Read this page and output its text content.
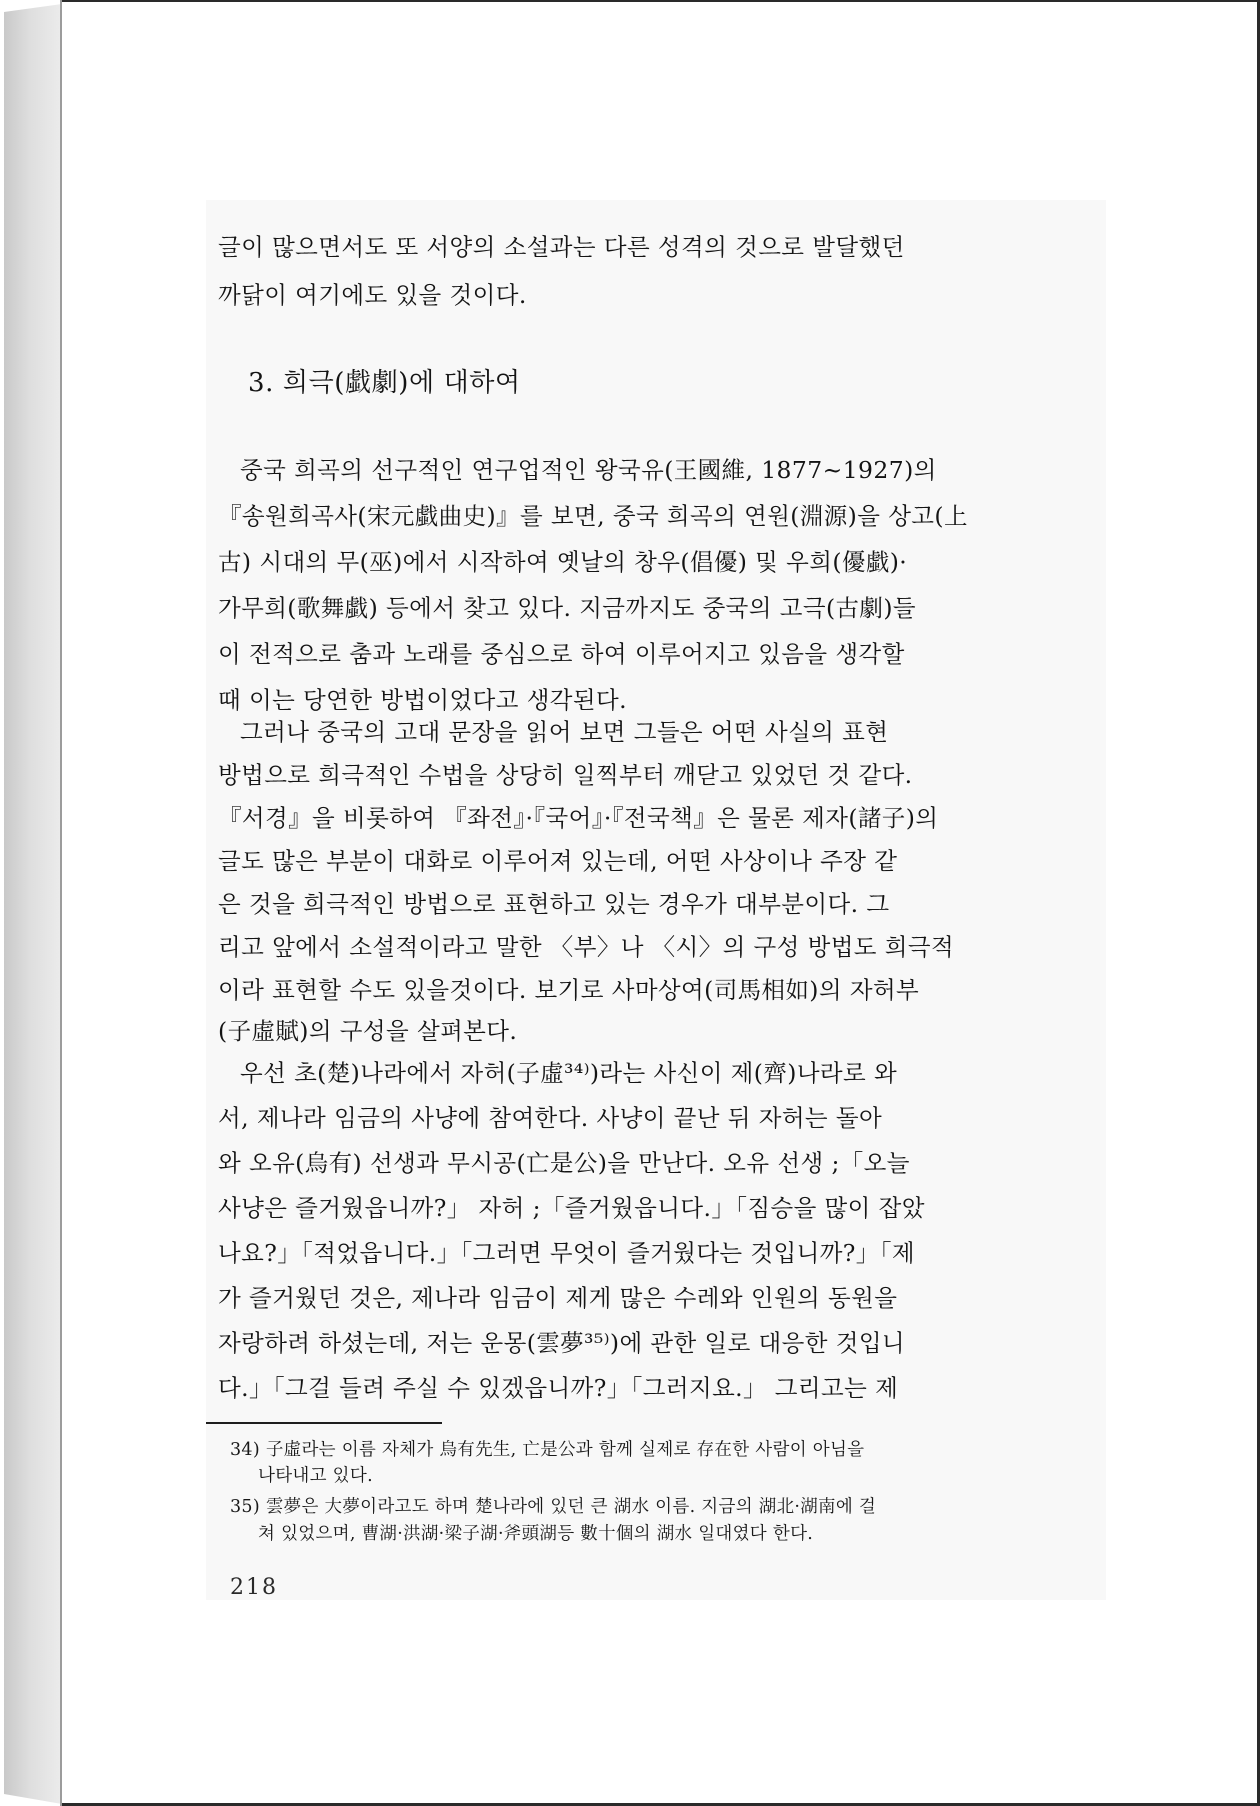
글이 많으면서도 또 서양의 소설과는 다른 성격의 것으로 발달했던
까닭이 여기에도 있을 것이다.
3. 희극(戱劇)에 대하여
중국 희곡의 선구적인 연구업적인 왕국유(王國維, 1877~1927)의
『송원희곡사(宋元戱曲史)』를 보면, 중국 희곡의 연원(淵源)을 상고(上
古) 시대의 무(巫)에서 시작하여 옛날의 창우(倡優) 및 우희(優戱)·
가무희(歌舞戱) 등에서 찾고 있다. 지금까지도 중국의 고극(古劇)들
이 전적으로 춤과 노래를 중심으로 하여 이루어지고 있음을 생각할
때 이는 당연한 방법이었다고 생각된다.
그러나 중국의 고대 문장을 읽어 보면 그들은 어떤 사실의 표현
방법으로 희극적인 수법을 상당히 일찍부터 깨닫고 있었던 것 같다.
『서경』을 비롯하여 『좌전』·『국어』·『전국책』은 물론 제자(諸子)의
글도 많은 부분이 대화로 이루어져 있는데, 어떤 사상이나 주장 같
은 것을 희극적인 방법으로 표현하고 있는 경우가 대부분이다. 그
리고 앞에서 소설적이라고 말한 〈부〉나 〈시〉의 구성 방법도 희극적
이라 표현할 수도 있을것이다. 보기로 사마상여(司馬相如)의 자허부
(子虛賦)의 구성을 살펴본다.
우선 초(楚)나라에서 자허(子虛³⁴⁾)라는 사신이 제(齊)나라로 와
서, 제나라 임금의 사냥에 참여한다. 사냥이 끝난 뒤 자허는 돌아
와 오유(烏有) 선생과 무시공(亡是公)을 만난다. 오유 선생 ;「오늘
사냥은 즐거웠읍니까?」 자허 ;「즐거웠읍니다.」「짐승을 많이 잡았
나요?」「적었읍니다.」「그러면 무엇이 즐거웠다는 것입니까?」「제
가 즐거웠던 것은, 제나라 임금이 제게 많은 수레와 인원의 동원을
자랑하려 하셨는데, 저는 운몽(雲夢³⁵⁾)에 관한 일로 대응한 것입니
다.」「그걸 들려 주실 수 있겠읍니까?」「그러지요.」 그리고는 제
34) 子虛라는 이름 자체가 烏有先生, 亡是公과 함께 실제로 存在한 사람이 아님을
나타내고 있다.
35) 雲夢은 大夢이라고도 하며 楚나라에 있던 큰 湖水 이름. 지금의 湖北·湖南에 걸
쳐 있었으며, 曹湖·洪湖·梁子湖·斧頭湖등 數十個의 湖水 일대였다 한다.
218
